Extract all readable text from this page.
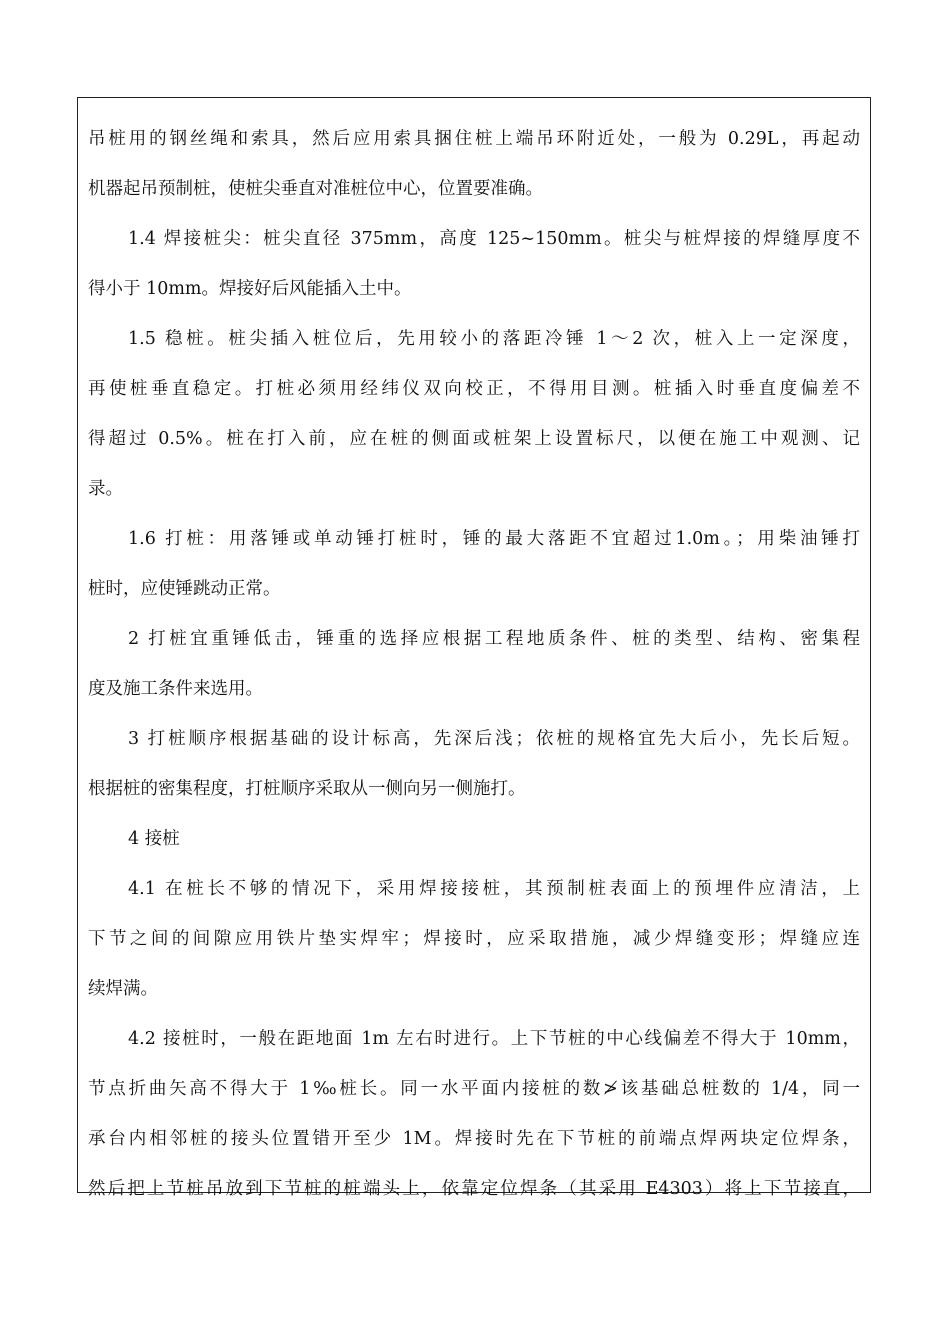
吊桩用的钢丝绳和索具，然后应用索具捆住桩上端吊环附近处，一般为 0.29L，再起动
机器起吊预制桩，使桩尖垂直对准桩位中心，位置要准确。
1.4 焊接桩尖：桩尖直径 375mm，高度 125~150mm。桩尖与桩焊接的焊缝厚度不
得小于 10mm。焊接好后风能插入土中。
1.5 稳桩。桩尖插入桩位后，先用较小的落距冷锤 1～2 次，桩入上一定深度，
再使桩垂直稳定。打桩必须用经纬仪双向校正，不得用目测。桩插入时垂直度偏差不
得超过 0.5%。桩在打入前，应在桩的侧面或桩架上设置标尺，以便在施工中观测、记
录。
1.6 打桩：用落锤或单动锤打桩时，锤的最大落距不宜超过1.0m。；用柴油锤打
桩时，应使锤跳动正常。
2 打桩宜重锤低击，锤重的选择应根据工程地质条件、桩的类型、结构、密集程
度及施工条件来选用。
3 打桩顺序根据基础的设计标高，先深后浅；依桩的规格宜先大后小，先长后短。
根据桩的密集程度，打桩顺序采取从一侧向另一侧施打。
4 接桩
4.1 在桩长不够的情况下，采用焊接接桩，其预制桩表面上的预埋件应清洁，上
下节之间的间隙应用铁片垫实焊牢；焊接时，应采取措施，减少焊缝变形；焊缝应连
续焊满。
4.2 接桩时，一般在距地面 1m 左右时进行。上下节桩的中心线偏差不得大于 10mm，
节点折曲矢高不得大于 1‰桩长。同一水平面内接桩的数≯该基础总桩数的 1/4，同一
承台内相邻桩的接头位置错开至少 1M。焊接时先在下节桩的前端点焊两块定位焊条，
然后把上节桩吊放到下节桩的桩端头上，依靠定位焊条（其采用 E4303）将上下节接直，
